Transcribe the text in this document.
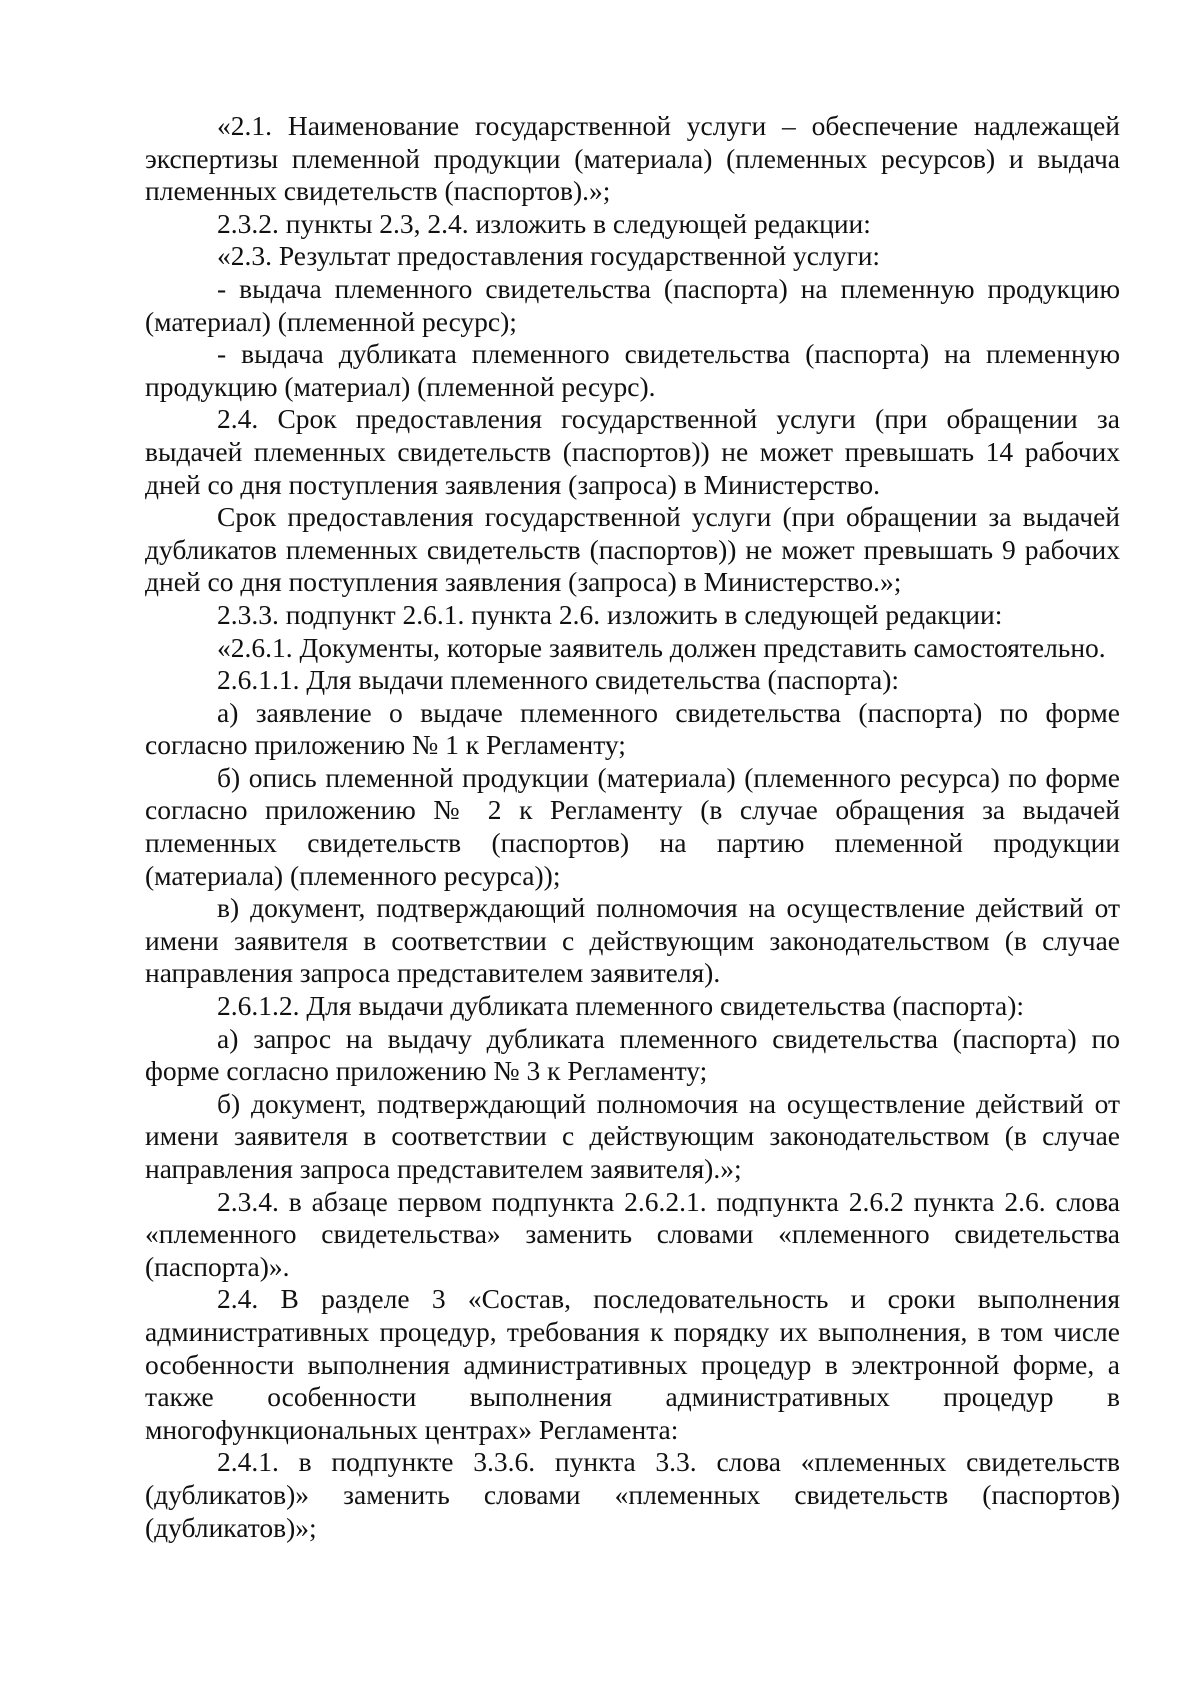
«2.1. Наименование государственной услуги – обеспечение надлежащей экспертизы племенной продукции (материала) (племенных ресурсов) и выдача племенных свидетельств (паспортов).»;

2.3.2. пункты 2.3, 2.4. изложить в следующей редакции:

«2.3. Результат предоставления государственной услуги:

- выдача племенного свидетельства (паспорта) на племенную продукцию (материал) (племенной ресурс);

- выдача дубликата племенного свидетельства (паспорта) на племенную продукцию (материал) (племенной ресурс).

2.4. Срок предоставления государственной услуги (при обращении за выдачей племенных свидетельств (паспортов)) не может превышать 14 рабочих дней со дня поступления заявления (запроса) в Министерство.

Срок предоставления государственной услуги (при обращении за выдачей дубликатов племенных свидетельств (паспортов)) не может превышать 9 рабочих дней со дня поступления заявления (запроса) в Министерство.»;

2.3.3. подпункт 2.6.1. пункта 2.6. изложить в следующей редакции:

«2.6.1. Документы, которые заявитель должен представить самостоятельно.

2.6.1.1. Для выдачи племенного свидетельства (паспорта):

а) заявление о выдаче племенного свидетельства (паспорта) по форме согласно приложению № 1 к Регламенту;

б) опись племенной продукции (материала) (племенного ресурса) по форме согласно приложению № 2 к Регламенту (в случае обращения за выдачей племенных свидетельств (паспортов) на партию племенной продукции (материала) (племенного ресурса));

в) документ, подтверждающий полномочия на осуществление действий от имени заявителя в соответствии с действующим законодательством (в случае направления запроса представителем заявителя).

2.6.1.2. Для выдачи дубликата племенного свидетельства (паспорта):

а) запрос на выдачу дубликата племенного свидетельства (паспорта) по форме согласно приложению № 3 к Регламенту;

б) документ, подтверждающий полномочия на осуществление действий от имени заявителя в соответствии с действующим законодательством (в случае направления запроса представителем заявителя).»;

2.3.4. в абзаце первом подпункта 2.6.2.1. подпункта 2.6.2 пункта 2.6. слова «племенного свидетельства» заменить словами «племенного свидетельства (паспорта)».

2.4. В разделе 3 «Состав, последовательность и сроки выполнения административных процедур, требования к порядку их выполнения, в том числе особенности выполнения административных процедур в электронной форме, а также особенности выполнения административных процедур в многофункциональных центрах» Регламента:

2.4.1. в подпункте 3.3.6. пункта 3.3. слова «племенных свидетельств (дубликатов)» заменить словами «племенных свидетельств (паспортов) (дубликатов)»;
